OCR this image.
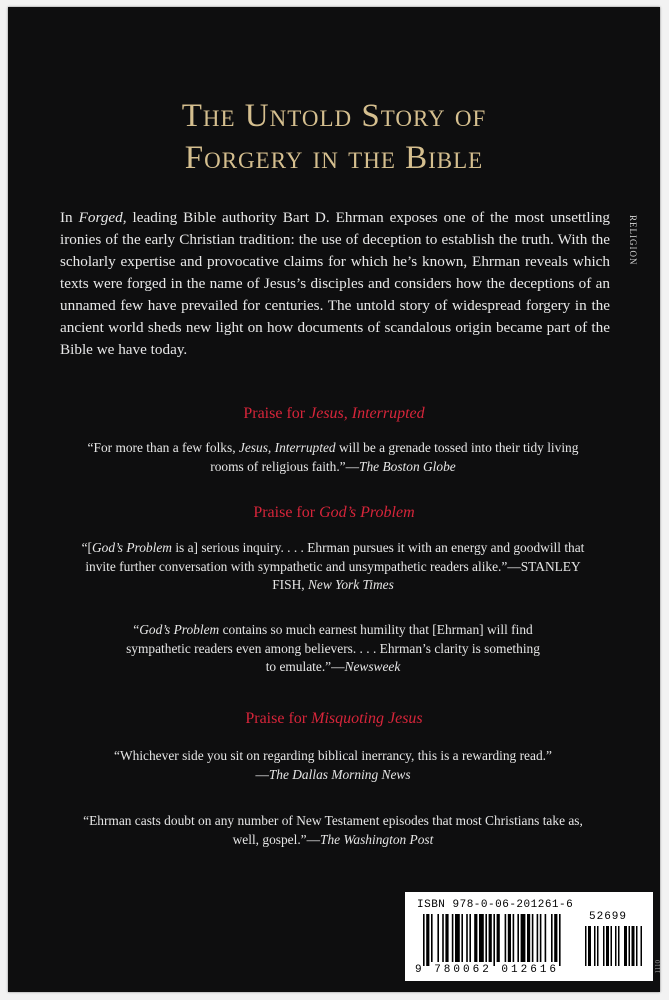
The Untold Story of
Forgery in the Bible
RELIGION
In Forged, leading Bible authority Bart D. Ehrman exposes one of the most unsettling ironies of the early Christian tradition: the use of deception to establish the truth. With the scholarly expertise and provocative claims for which he’s known, Ehrman reveals which texts were forged in the name of Jesus’s disciples and considers how the deceptions of an unnamed few have prevailed for centuries. The untold story of widespread forgery in the ancient world sheds new light on how documents of scandalous origin became part of the Bible we have today.
Praise for Jesus, Interrupted
“For more than a few folks, Jesus, Interrupted will be a grenade tossed into their tidy living rooms of religious faith.”—The Boston Globe
Praise for God’s Problem
“[God’s Problem is a] serious inquiry. . . . Ehrman pursues it with an energy and goodwill that invite further conversation with sympathetic and unsympathetic readers alike.”—STANLEY FISH, New York Times
“God’s Problem contains so much earnest humility that [Ehrman] will find sympathetic readers even among believers. . . . Ehrman’s clarity is something to emulate.”—Newsweek
Praise for Misquoting Jesus
“Whichever side you sit on regarding biblical inerrancy, this is a rewarding read.”
—The Dallas Morning News
“Ehrman casts doubt on any number of New Testament episodes that most Christians take as, well, gospel.”—The Washington Post
1110
ISBN 978-0-06-201261-6
52699
9 780062 012616
